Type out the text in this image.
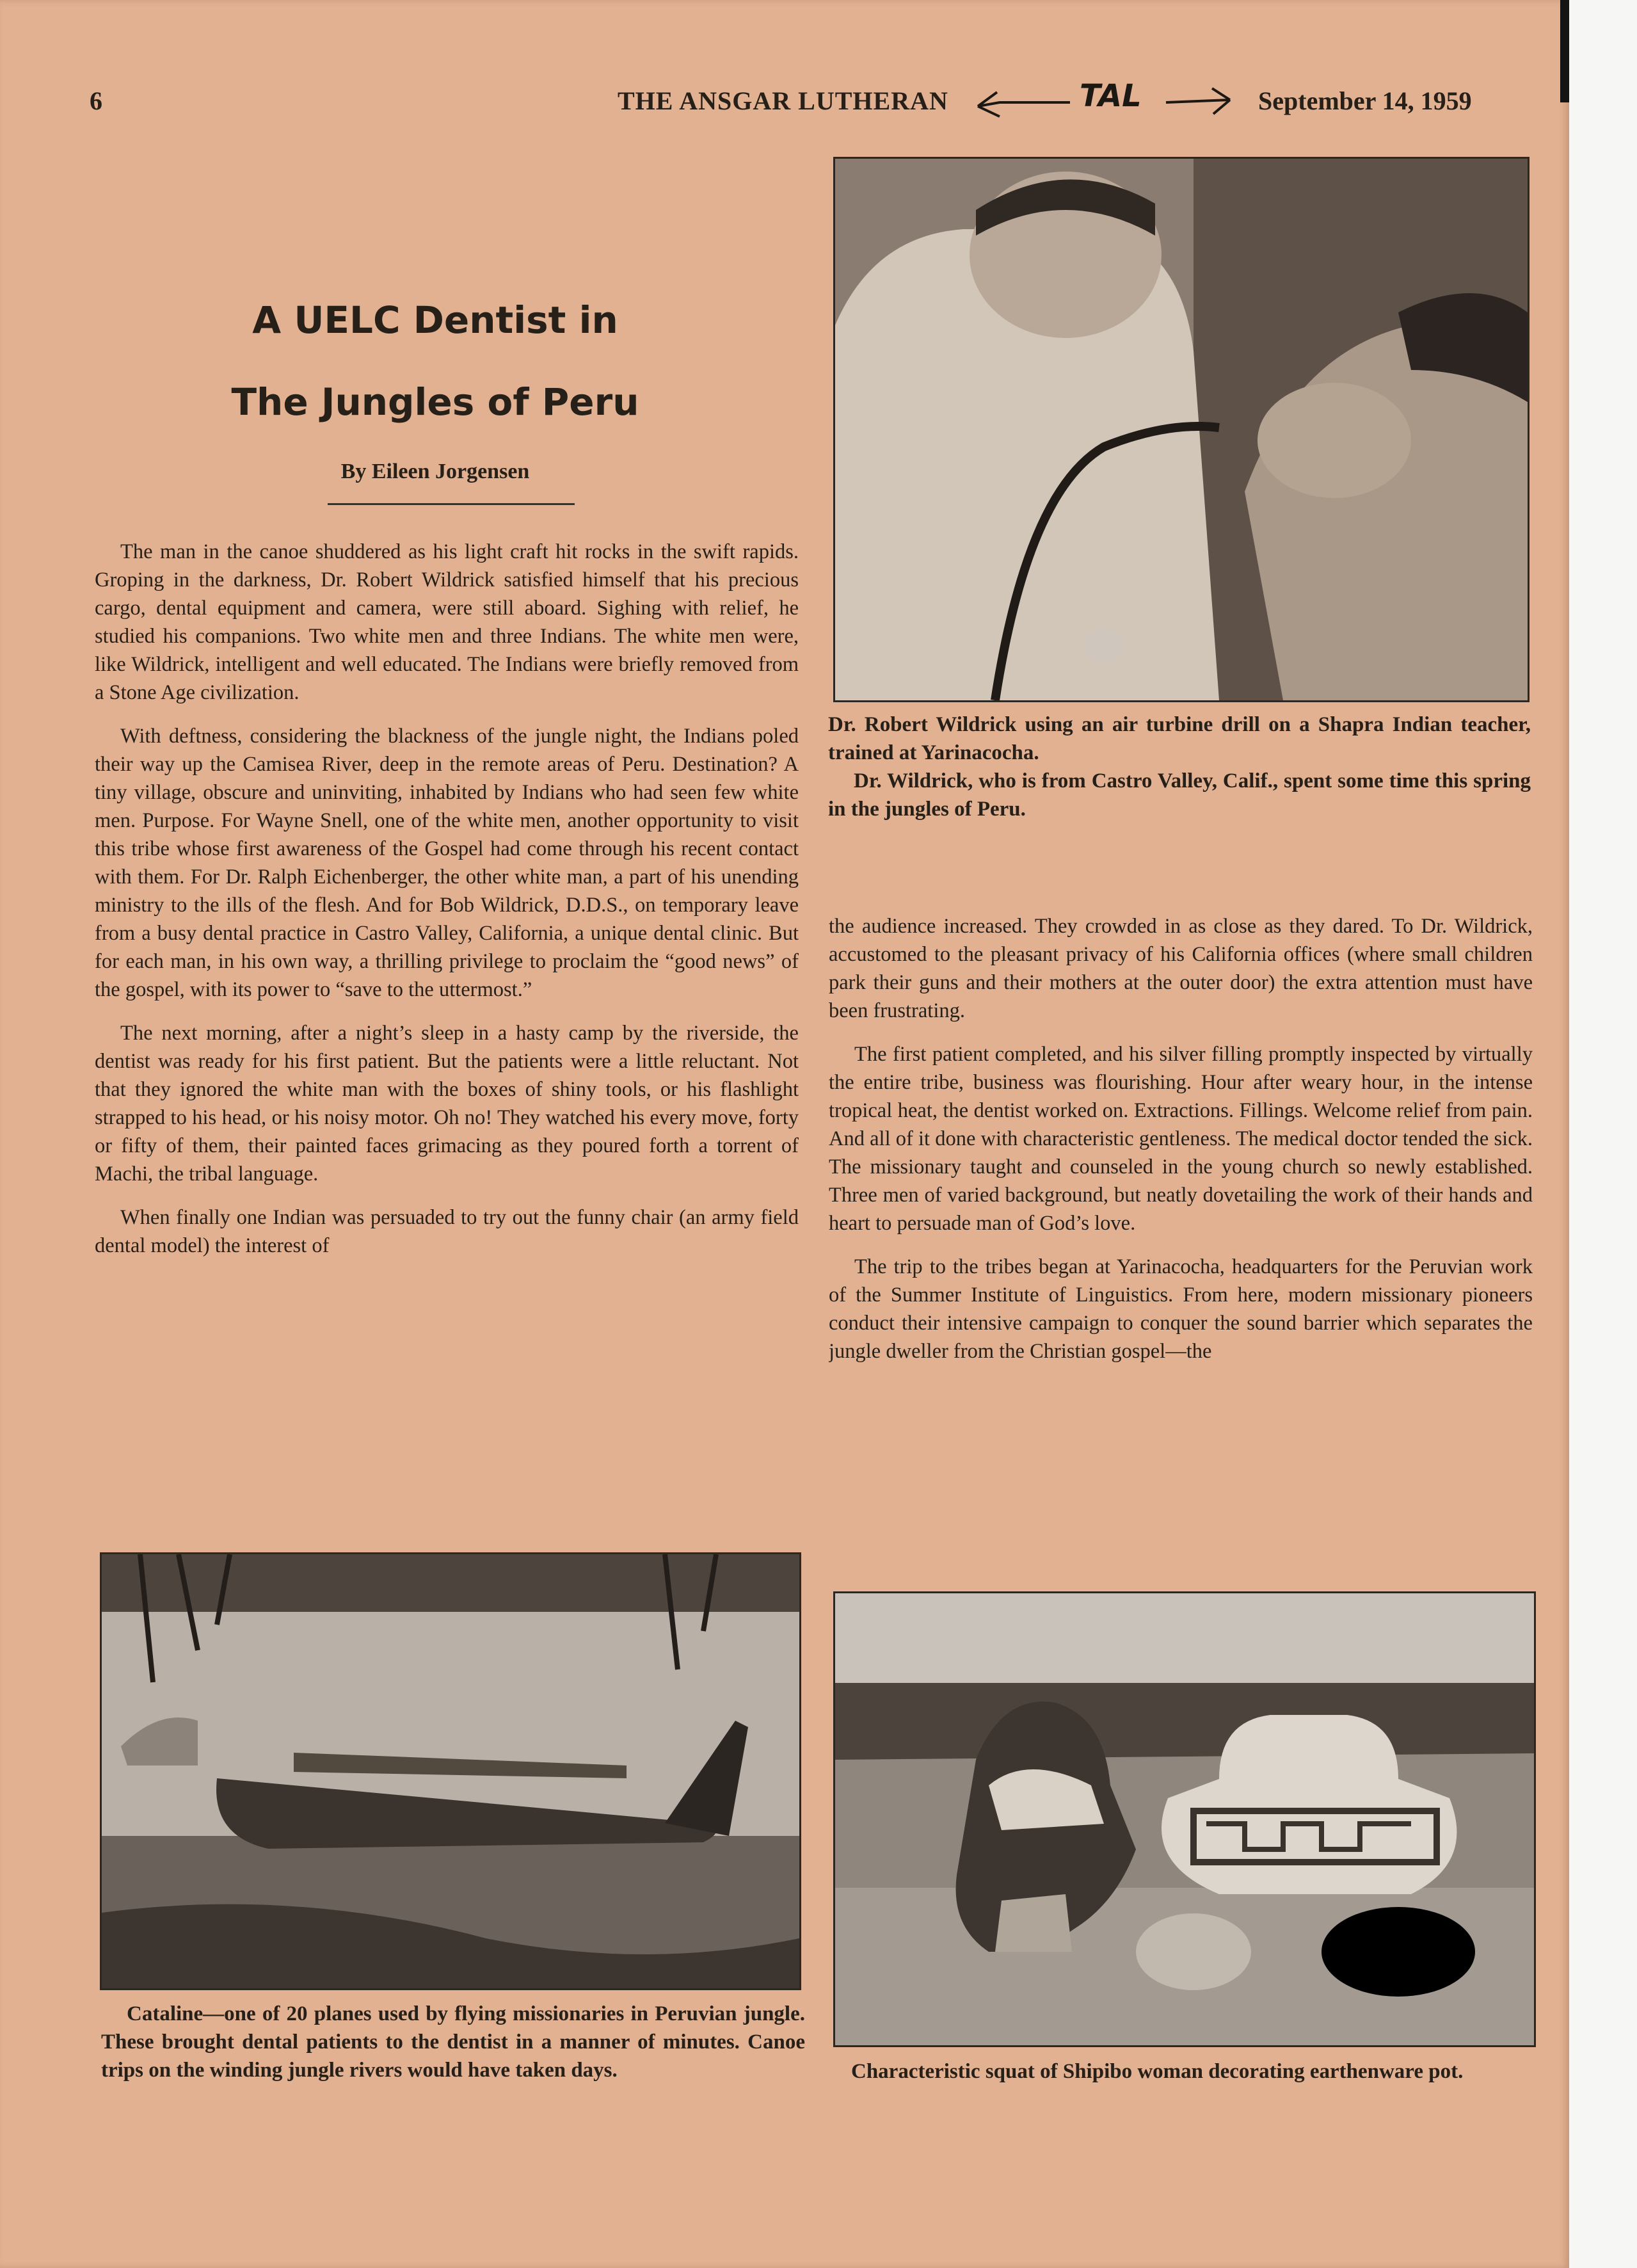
6	THE ANSGAR LUTHERAN	TAL	September 14, 1959
A UELC Dentist in
The Jungles of Peru
By Eileen Jorgensen

The man in the canoe shuddered as his light craft hit rocks in the swift rapids. Groping in the darkness, Dr. Robert Wildrick satisfied himself that his precious cargo, dental equipment and camera, were still aboard. Sighing with relief, he studied his companions. Two white men and three Indians. The white men were, like Wildrick, intelligent and well educated. The Indians were briefly removed from a Stone Age civilization.

With deftness, considering the blackness of the jungle night, the Indians poled their way up the Camisea River, deep in the remote areas of Peru. Destination? A tiny village, obscure and uninviting, inhabited by Indians who had seen few white men. Purpose. For Wayne Snell, one of the white men, another opportunity to visit this tribe whose first awareness of the Gospel had come through his recent contact with them. For Dr. Ralph Eichenberger, the other white man, a part of his unending ministry to the ills of the flesh. And for Bob Wildrick, D.D.S., on temporary leave from a busy dental practice in Castro Valley, California, a unique dental clinic. But for each man, in his own way, a thrilling privilege to proclaim the “good news” of the gospel, with its power to “save to the uttermost.”

The next morning, after a night’s sleep in a hasty camp by the riverside, the dentist was ready for his first patient. But the patients were a little reluctant. Not that they ignored the white man with the boxes of shiny tools, or his flashlight strapped to his head, or his noisy motor. Oh no! They watched his every move, forty or fifty of them, their painted faces grimacing as they poured forth a torrent of Machi, the tribal language.

When finally one Indian was persuaded to try out the funny chair (an army field dental model) the interest of

Dr. Robert Wildrick using an air turbine drill on a Shapra Indian teacher, trained at Yarinacocha.

Dr. Wildrick, who is from Castro Valley, Calif., spent some time this spring in the jungles of Peru.

the audience increased. They crowded in as close as they dared. To Dr. Wildrick, accustomed to the pleasant privacy of his California offices (where small children park their guns and their mothers at the outer door) the extra attention must have been frustrating.

The first patient completed, and his silver filling promptly inspected by virtually the entire tribe, business was flourishing. Hour after weary hour, in the intense tropical heat, the dentist worked on. Extractions. Fillings. Welcome relief from pain. And all of it done with characteristic gentleness. The medical doctor tended the sick. The missionary taught and counseled in the young church so newly established. Three men of varied background, but neatly dovetailing the work of their hands and heart to persuade man of God’s love.

The trip to the tribes began at Yarinacocha, headquarters for the Peruvian work of the Summer Institute of Linguistics. From here, modern missionary pioneers conduct their intensive campaign to conquer the sound barrier which separates the jungle dweller from the Christian gospel—the

Cataline—one of 20 planes used by flying missionaries in Peruvian jungle. These brought dental patients to the dentist in a manner of minutes. Canoe trips on the winding jungle rivers would have taken days.	Characteristic squat of Shipibo woman decorating earthenware pot.
